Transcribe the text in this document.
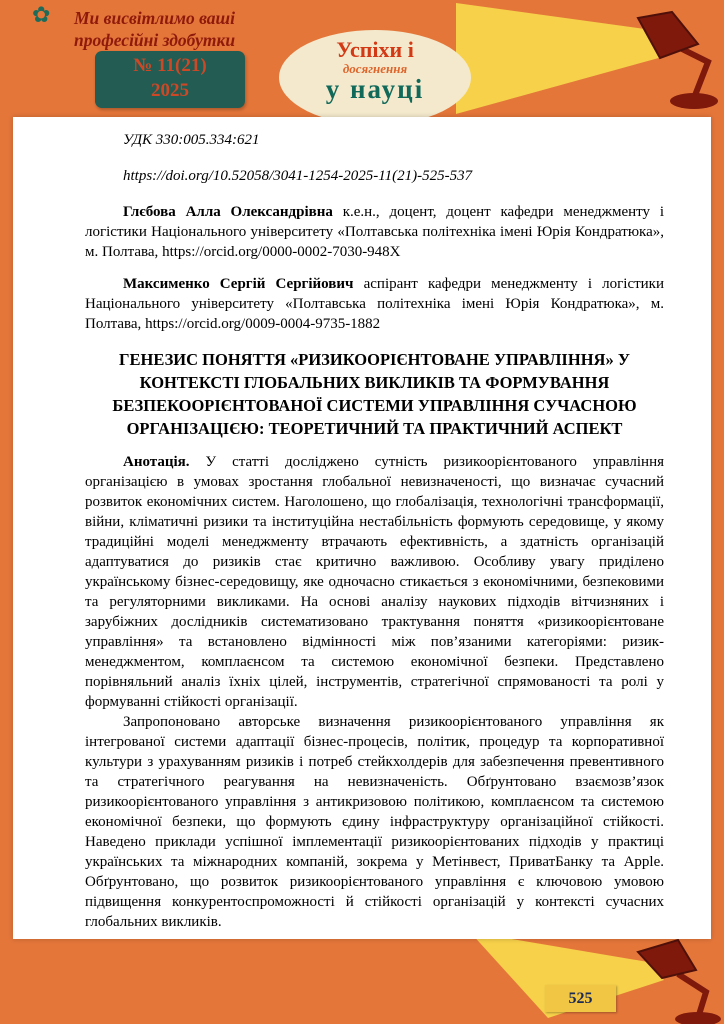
✿ Ми висвітлимо ваші
професійні здобутки
№ 11(21)
2025
Успіхи і
досягнення
у науці

УДК 330:005.334:621

https://doi.org/10.52058/3041-1254-2025-11(21)-525-537

Глєбова Алла Олександрівна к.е.н., доцент, доцент кафедри менеджменту і логістики Національного університету «Полтавська політехніка імені Юрія Кондратюка», м. Полтава, https://orcid.org/0000-0002-7030-948X

Максименко Сергій Сергійович аспірант кафедри менеджменту і логістики Національного університету «Полтавська політехніка імені Юрія Кондратюка», м. Полтава, https://orcid.org/0009-0004-9735-1882

ГЕНЕЗИС ПОНЯТТЯ «РИЗИКООРІЄНТОВАНЕ УПРАВЛІННЯ» У КОНТЕКСТІ ГЛОБАЛЬНИХ ВИКЛИКІВ ТА ФОРМУВАННЯ БЕЗПЕКООРІЄНТОВАНОЇ СИСТЕМИ УПРАВЛІННЯ СУЧАСНОЮ ОРГАНІЗАЦІЄЮ: ТЕОРЕТИЧНИЙ ТА ПРАКТИЧНИЙ АСПЕКТ

Анотація. У статті досліджено сутність ризикоорієнтованого управління організацією в умовах зростання глобальної невизначеності, що визначає сучасний розвиток економічних систем. Наголошено, що глобалізація, технологічні трансформації, війни, кліматичні ризики та інституційна нестабільність формують середовище, у якому традиційні моделі менеджменту втрачають ефективність, а здатність організацій адаптуватися до ризиків стає критично важливою. Особливу увагу приділено українському бізнес-середовищу, яке одночасно стикається з економічними, безпековими та регуляторними викликами. На основі аналізу наукових підходів вітчизняних і зарубіжних дослідників систематизовано трактування поняття «ризикоорієнтоване управління» та встановлено відмінності між пов’язаними категоріями: ризик-менеджментом, комплаєнсом та системою економічної безпеки. Представлено порівняльний аналіз їхніх цілей, інструментів, стратегічної спрямованості та ролі у формуванні стійкості організації.

Запропоновано авторське визначення ризикоорієнтованого управління як інтегрованої системи адаптації бізнес-процесів, політик, процедур та корпоративної культури з урахуванням ризиків і потреб стейкхолдерів для забезпечення превентивного та стратегічного реагування на невизначеність. Обґрунтовано взаємозв’язок ризикоорієнтованого управління з антикризовою політикою, комплаєнсом та системою економічної безпеки, що формують єдину інфраструктуру організаційної стійкості. Наведено приклади успішної імплементації ризикоорієнтованих підходів у практиці українських та міжнародних компаній, зокрема у Метінвест, ПриватБанку та Apple. Обґрунтовано, що розвиток ризикоорієнтованого управління є ключовою умовою підвищення конкурентоспроможності й стійкості організацій у контексті сучасних глобальних викликів.

525
